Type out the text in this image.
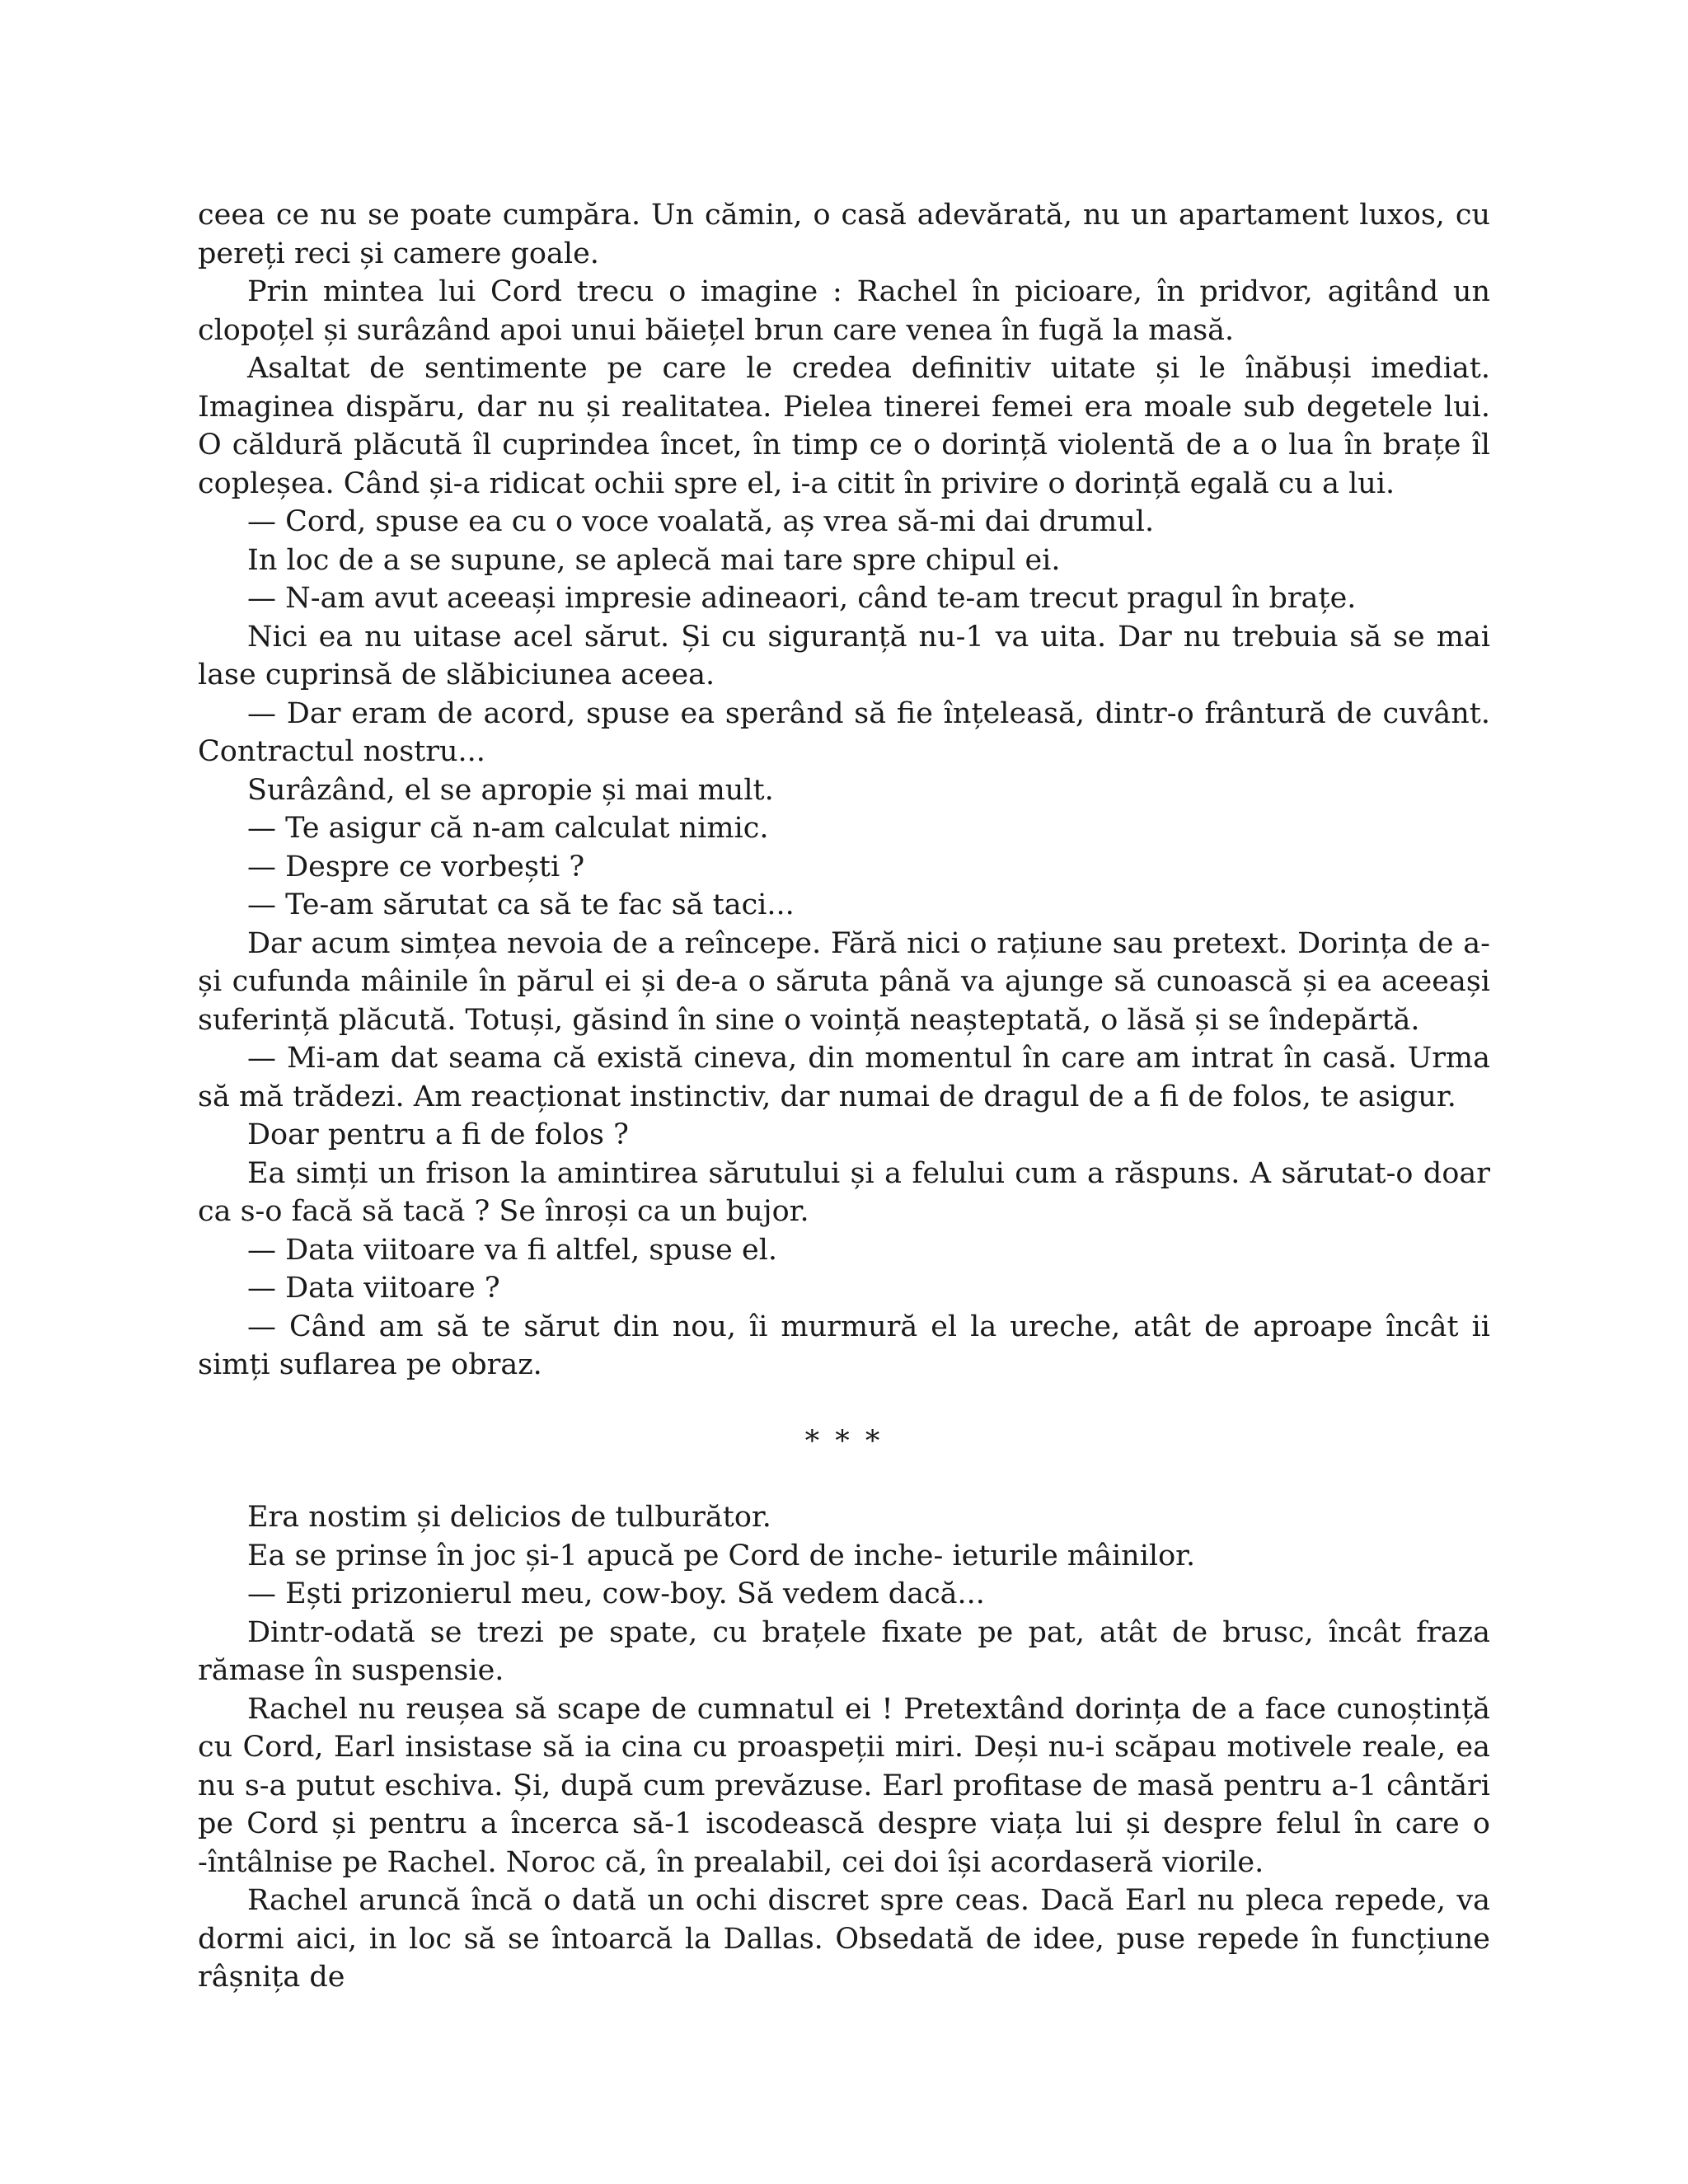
ceea ce nu se poate cumpăra. Un cămin, o casă adevărată, nu un apartament luxos, cu pereți reci și camere goale.

Prin mintea lui Cord trecu o imagine : Rachel în picioare, în pridvor, agitând un clopoțel și surâzând apoi unui băiețel brun care venea în fugă la masă.

Asaltat de sentimente pe care le credea definitiv uitate și le înăbuși imediat. Imaginea dispăru, dar nu și realitatea. Pielea tinerei femei era moale sub degetele lui. O căldură plăcută îl cuprindea încet, în timp ce o dorință violentă de a o lua în brațe îl copleșea. Când și-a ridicat ochii spre el, i-a citit în privire o dorință egală cu a lui.

— Cord, spuse ea cu o voce voalată, aș vrea să-mi dai drumul.

In loc de a se supune, se aplecă mai tare spre chipul ei.

— N-am avut aceeași impresie adineaori, când te-am trecut pragul în brațe.

Nici ea nu uitase acel sărut. Și cu siguranță nu-1 va uita. Dar nu trebuia să se mai lase cuprinsă de slăbiciunea aceea.

— Dar eram de acord, spuse ea sperând să fie înțeleasă, dintr-o frântură de cuvânt. Contractul nostru...

Surâzând, el se apropie și mai mult.

— Te asigur că n-am calculat nimic.

— Despre ce vorbești ?

— Te-am sărutat ca să te fac să taci...

Dar acum simțea nevoia de a reîncepe. Fără nici o rațiune sau pretext. Dorința de a-și cufunda mâinile în părul ei și de-a o săruta până va ajunge să cunoască și ea aceeași suferință plăcută. Totuși, găsind în sine o voință neașteptată, o lăsă și se îndepărtă.

— Mi-am dat seama că există cineva, din momentul în care am intrat în casă. Urma să mă trădezi. Am reacționat instinctiv, dar numai de dragul de a fi de folos, te asigur.

Doar pentru a fi de folos ?

Ea simți un frison la amintirea sărutului și a felului cum a răspuns. A sărutat-o doar ca s-o facă să tacă ? Se înroși ca un bujor.

— Data viitoare va fi altfel, spuse el.

— Data viitoare ?

— Când am să te sărut din nou, îi murmură el la ureche, atât de aproape încât ii simți suflarea pe obraz.

* * *

Era nostim și delicios de tulburător.

Ea se prinse în joc și-1 apucă pe Cord de inche- ieturile mâinilor.

— Ești prizonierul meu, cow-boy. Să vedem dacă...

Dintr-odată se trezi pe spate, cu brațele fixate pe pat, atât de brusc, încât fraza rămase în suspensie.

Rachel nu reușea să scape de cumnatul ei ! Pretextând dorința de a face cunoștință cu Cord, Earl insistase să ia cina cu proaspeții miri. Deși nu-i scăpau motivele reale, ea nu s-a putut eschiva. Și, după cum prevăzuse. Earl profitase de masă pentru a-1 cântări pe Cord și pentru a încerca să-1 iscodească despre viața lui și despre felul în care o -întâlnise pe Rachel. Noroc că, în prealabil, cei doi își acordaseră viorile.

Rachel aruncă încă o dată un ochi discret spre ceas. Dacă Earl nu pleca repede, va dormi aici, in loc să se întoarcă la Dallas. Obsedată de idee, puse repede în funcțiune râșnița de
